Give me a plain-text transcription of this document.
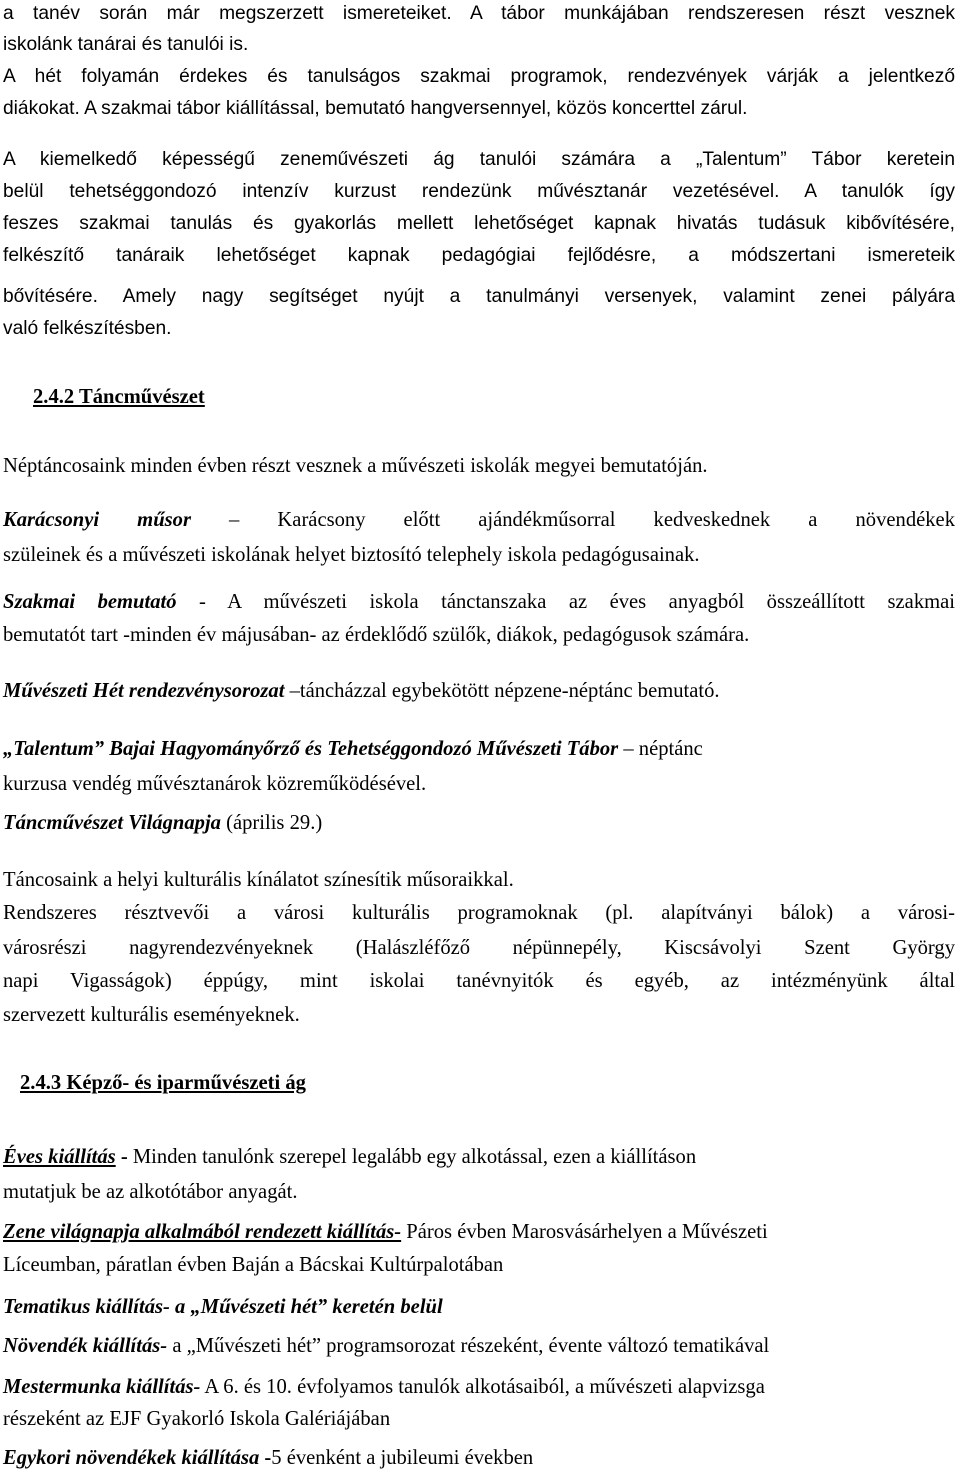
a tanév során már megszerzett ismereteiket. A tábor munkájában rendszeresen részt vesznek
iskolánk tanárai és tanulói is.
A hét folyamán érdekes és tanulságos szakmai programok, rendezvények várják a jelentkező
diákokat. A szakmai tábor kiállítással, bemutató hangversennyel, közös koncerttel zárul.
A kiemelkedő képességű zeneművészeti ág tanulói számára a „Talentum” Tábor keretein
belül tehetséggondozó intenzív kurzust rendezünk művésztanár vezetésével. A tanulók így
feszes szakmai tanulás és gyakorlás mellett lehetőséget kapnak hivatás tudásuk kibővítésére,
felkészítő tanáraik lehetőséget kapnak pedagógiai fejlődésre, a módszertani ismereteik
bővítésére. Amely nagy segítséget nyújt a tanulmányi versenyek, valamint zenei pályára
való felkészítésben.
2.4.2 Táncművészet
Néptáncosaink minden évben részt vesznek a művészeti iskolák megyei bemutatóján.
Karácsonyi műsor – Karácsony előtt ajándékműsorral kedveskednek a növendékek
szüleinek és a művészeti iskolának helyet biztosító telephely iskola pedagógusainak.
Szakmai bemutató - A művészeti iskola tánctanszaka az éves anyagból összeállított szakmai
bemutatót tart -minden év májusában- az érdeklődő szülők, diákok, pedagógusok számára.
Művészeti Hét rendezvénysorozat –táncházzal egybekötött népzene-néptánc bemutató.
„Talentum” Bajai Hagyományőrző és Tehetséggondozó Művészeti Tábor – néptánc
kurzusa vendég művésztanárok közreműködésével.
Táncművészet Világnapja (április 29.)
Táncosaink a helyi kulturális kínálatot színesítik műsoraikkal.
Rendszeres résztvevői a városi kulturális programoknak (pl. alapítványi bálok) a városi-
városrészi nagyrendezvényeknek (Halászléfőző népünnepély, Kiscsávolyi Szent György
napi Vigasságok) éppúgy, mint iskolai tanévnyitók és egyéb, az intézményünk által
szervezett kulturális eseményeknek.
2.4.3 Képző- és iparművészeti ág
Éves kiállítás - Minden tanulónk szerepel legalább egy alkotással, ezen a kiállításon
mutatjuk be az alkotótábor anyagát.
Zene világnapja alkalmából rendezett kiállítás- Páros évben Marosvásárhelyen a Művészeti
Líceumban, páratlan évben Baján a Bácskai Kultúrpalotában
Tematikus kiállítás- a „Művészeti hét” keretén belül
Növendék kiállítás- a „Művészeti hét” programsorozat részeként, évente változó tematikával
Mestermunka kiállítás- A 6. és 10. évfolyamos tanulók alkotásaiból, a művészeti alapvizsga
részeként az EJF Gyakorló Iskola Galériájában
Egykori növendékek kiállítása -5 évenként a jubileumi években
